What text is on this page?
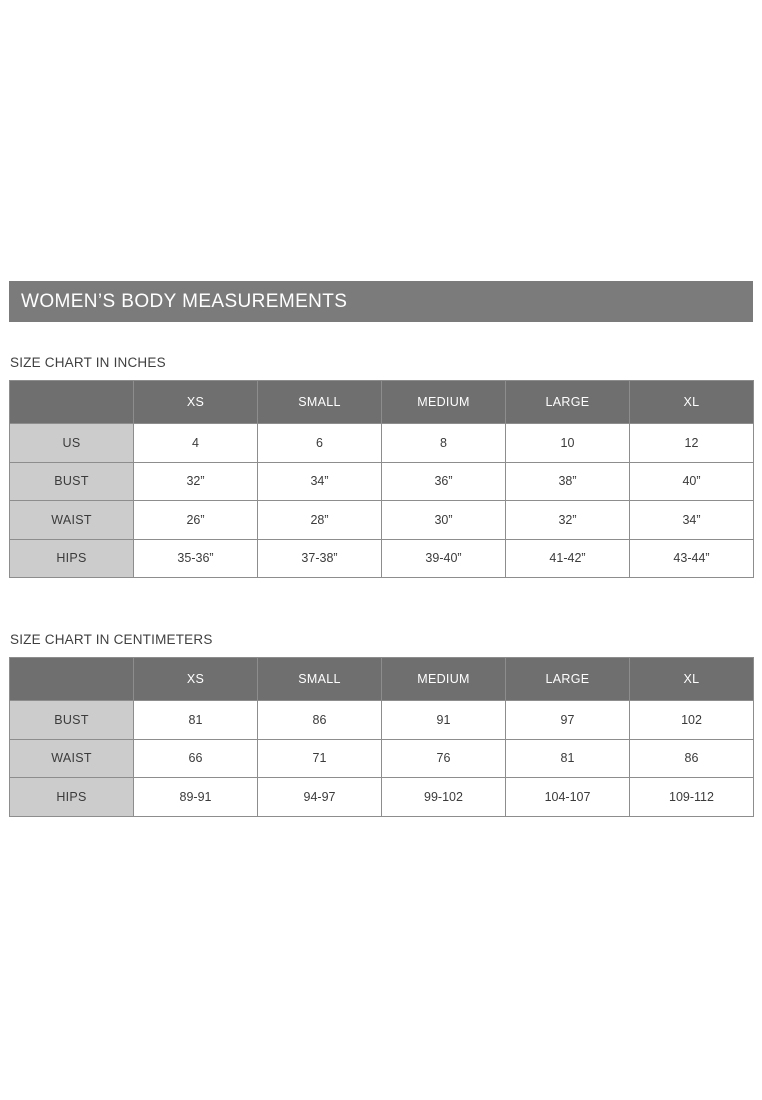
WOMEN’S BODY MEASUREMENTS
SIZE CHART IN INCHES
	XS	SMALL	MEDIUM	LARGE	XL
US	4	6	8	10	12
BUST	32”	34”	36”	38”	40”
WAIST	26”	28”	30”	32”	34”
HIPS	35-36”	37-38”	39-40”	41-42”	43-44”
SIZE CHART IN CENTIMETERS
	XS	SMALL	MEDIUM	LARGE	XL
BUST	81	86	91	97	102
WAIST	66	71	76	81	86
HIPS	89-91	94-97	99-102	104-107	109-112
